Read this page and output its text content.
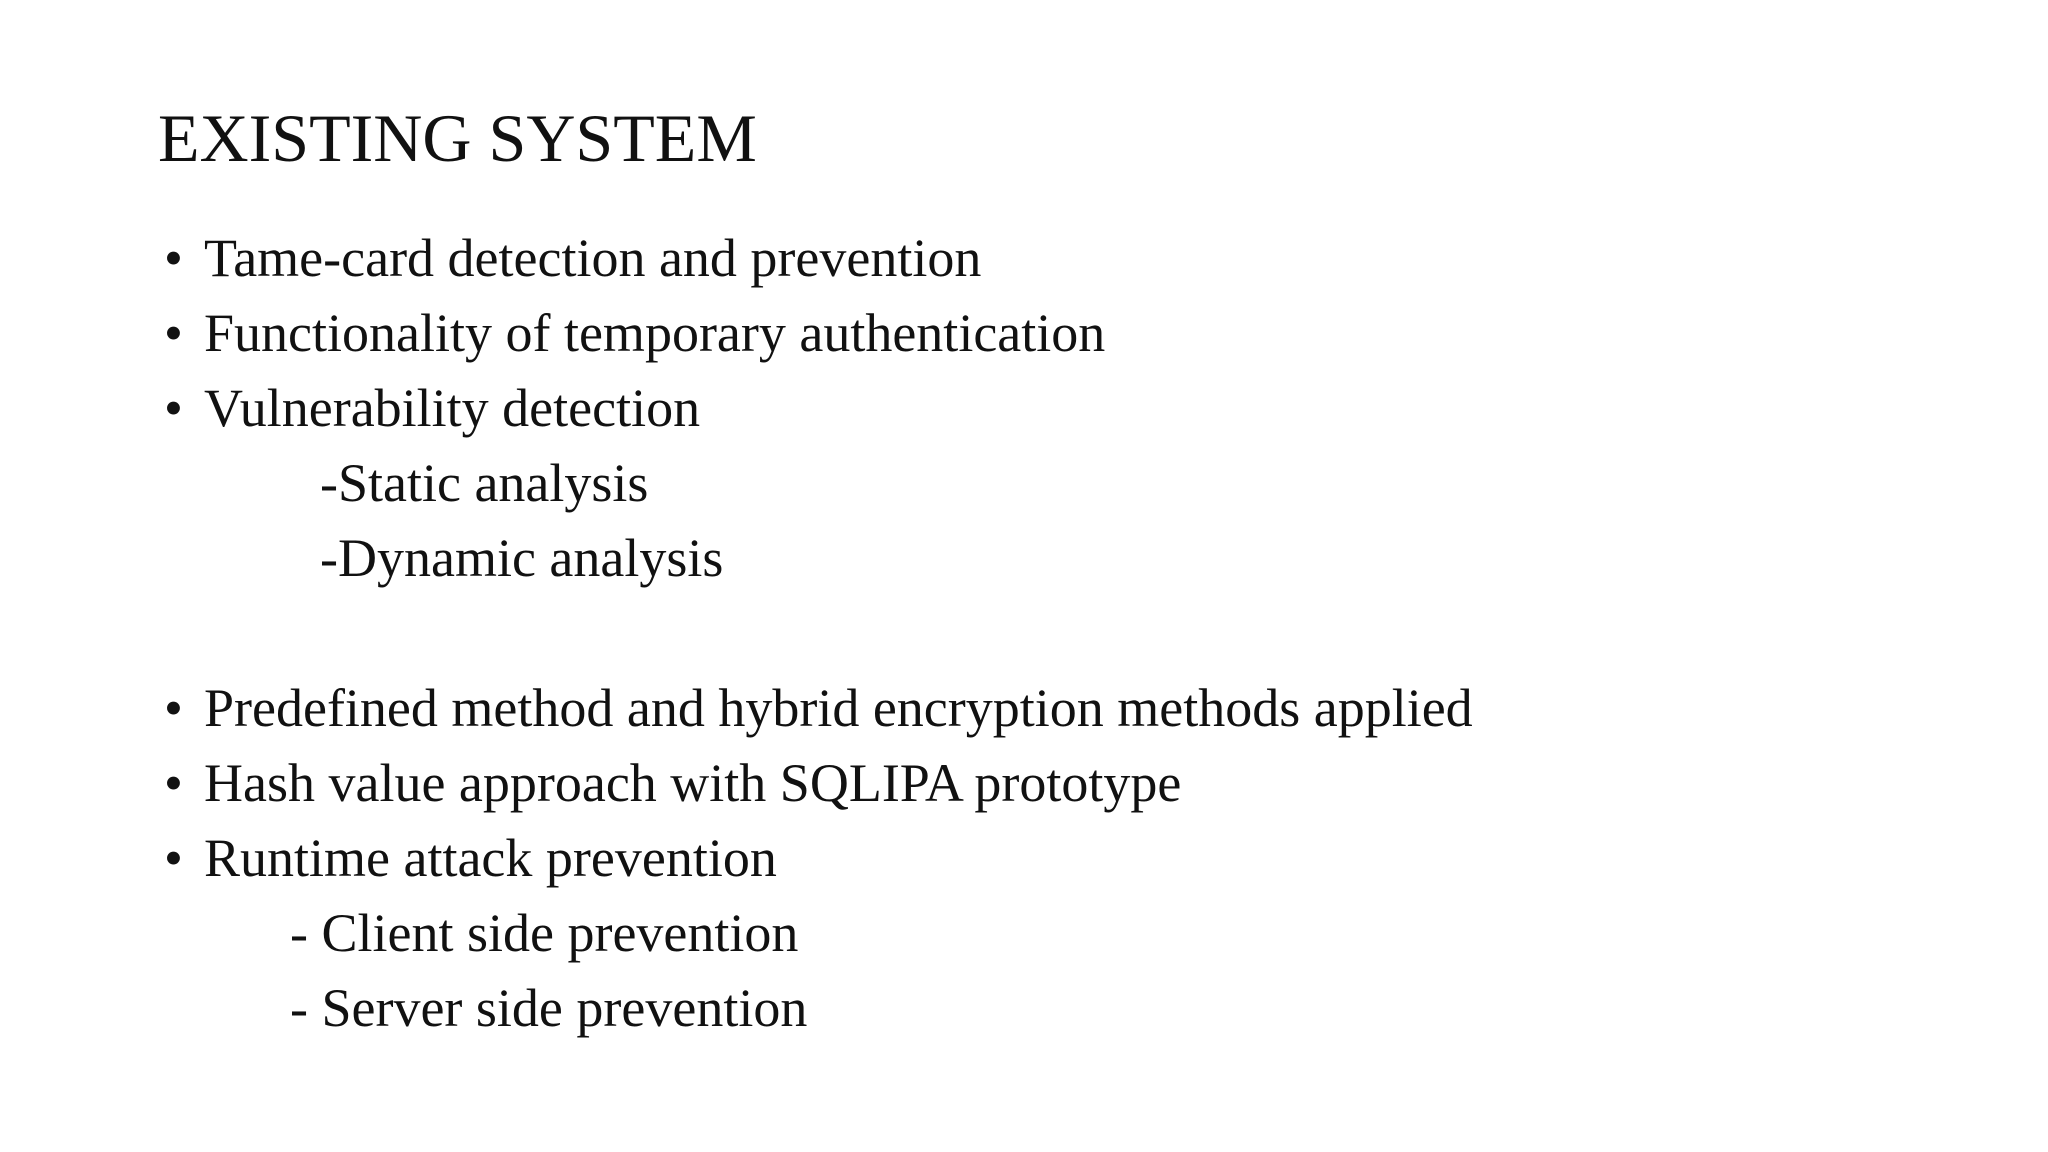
EXISTING SYSTEM
• Tame-card detection and prevention
• Functionality of temporary authentication
• Vulnerability detection
-Static analysis
-Dynamic analysis
• Predefined method and hybrid encryption methods applied
• Hash value approach with SQLIPA prototype
• Runtime attack prevention
- Client side prevention
- Server side prevention
